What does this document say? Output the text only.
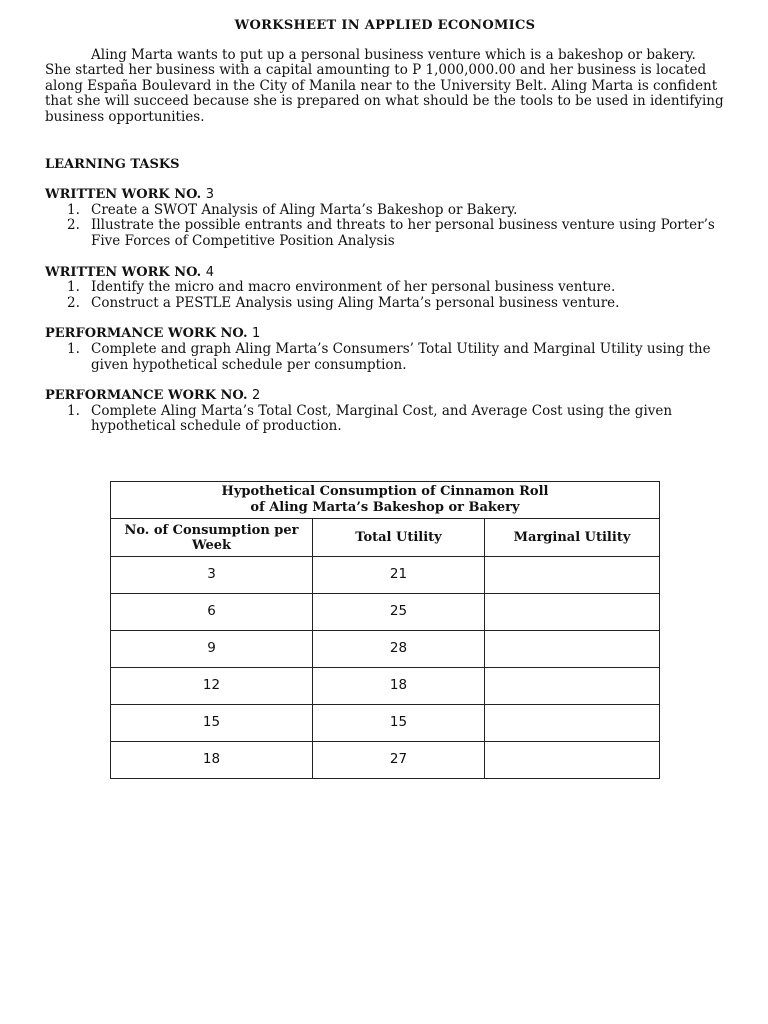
WORKSHEET IN APPLIED ECONOMICS

Aling Marta wants to put up a personal business venture which is a bakeshop or bakery. She started her business with a capital amounting to P 1,000,000.00 and her business is located along España Boulevard in the City of Manila near to the University Belt. Aling Marta is confident that she will succeed because she is prepared on what should be the tools to be used in identifying business opportunities.

LEARNING TASKS

WRITTEN WORK NO. 3

1. Create a SWOT Analysis of Aling Marta’s Bakeshop or Bakery.
2. Illustrate the possible entrants and threats to her personal business venture using Porter’s Five Forces of Competitive Position Analysis

WRITTEN WORK NO. 4

1. Identify the micro and macro environment of her personal business venture.
2. Construct a PESTLE Analysis using Aling Marta’s personal business venture.

PERFORMANCE WORK NO. 1

1. Complete and graph Aling Marta’s Consumers’ Total Utility and Marginal Utility using the given hypothetical schedule per consumption.

PERFORMANCE WORK NO. 2

1. Complete Aling Marta’s Total Cost, Marginal Cost, and Average Cost using the given hypothetical schedule of production.
Hypothetical Consumption of Cinnamon Roll
of Aling Marta’s Bakeshop or Bakery		

No. of Consumption per Week	Total Utility	Marginal Utility
3	21	
6	25	
9	28	
12	18	
15	15	
18	27	
